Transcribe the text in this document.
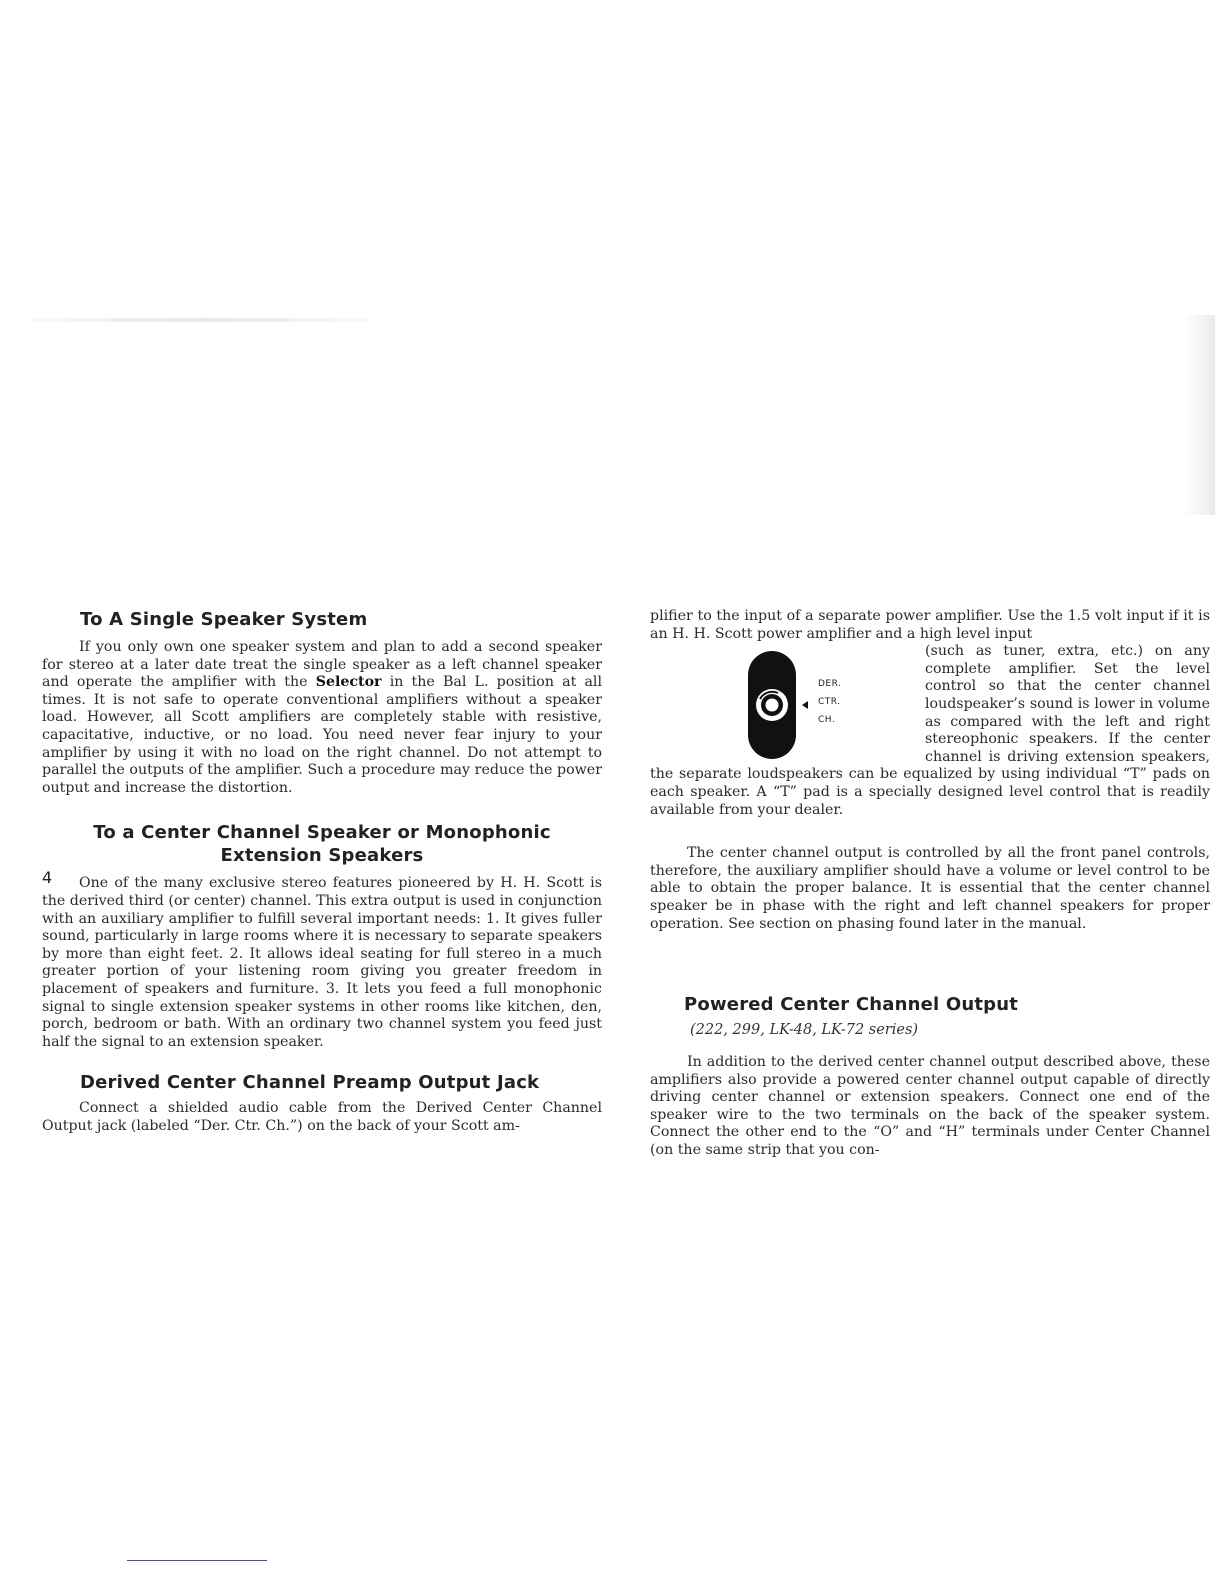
To A Single Speaker System

If you only own one speaker system and plan to add a second speaker for stereo at a later date treat the single speaker as a left channel speaker and operate the amplifier with the Selector in the Bal L. position at all times. It is not safe to operate conventional amplifiers without a speaker load. However, all Scott amplifiers are completely stable with resistive, capacitative, inductive, or no load. You need never fear injury to your amplifier by using it with no load on the right channel. Do not attempt to parallel the outputs of the amplifier. Such a procedure may reduce the power output and increase the distortion.

To a Center Channel Speaker or Monophonic
Extension Speakers

One of the many exclusive stereo features pioneered by H. H. Scott is the derived third (or center) channel. This extra output is used in conjunction with an auxiliary amplifier to fulfill several important needs: 1. It gives fuller sound, particularly in large rooms where it is necessary to separate speakers by more than eight feet. 2. It allows ideal seating for full stereo in a much greater portion of your listening room giving you greater freedom in placement of speakers and furniture. 3. It lets you feed a full monophonic signal to single extension speaker systems in other rooms like kitchen, den, porch, bedroom or bath. With an ordinary two channel system you feed just half the signal to an extension speaker.

Derived Center Channel Preamp Output Jack

Connect a shielded audio cable from the Derived Center Channel Output jack (labeled “Der. Ctr. Ch.”) on the back of your Scott am-

4

plifier to the input of a separate power amplifier. Use the 1.5 volt input if it is an H. H. Scott power amplifier and a high level input

DER.
CTR.
CH.

(such as tuner, extra, etc.) on any complete amplifier. Set the level control so that the center channel loudspeaker’s sound is lower in volume as compared with the left and right stereophonic speakers. If the center channel is driving extension speakers, the separate loudspeakers can be equalized by using individual “T” pads on each speaker. A “T” pad is a specially designed level control that is readily available from your dealer.

The center channel output is controlled by all the front panel controls, therefore, the auxiliary amplifier should have a volume or level control to be able to obtain the proper balance. It is essential that the center channel speaker be in phase with the right and left channel speakers for proper operation. See section on phasing found later in the manual.

Powered Center Channel Output
(222, 299, LK-48, LK-72 series)

In addition to the derived center channel output described above, these amplifiers also provide a powered center channel output capable of directly driving center channel or extension speakers. Connect one end of the speaker wire to the two terminals on the back of the speaker system. Connect the other end to the “O” and “H” terminals under Center Channel (on the same strip that you con-
